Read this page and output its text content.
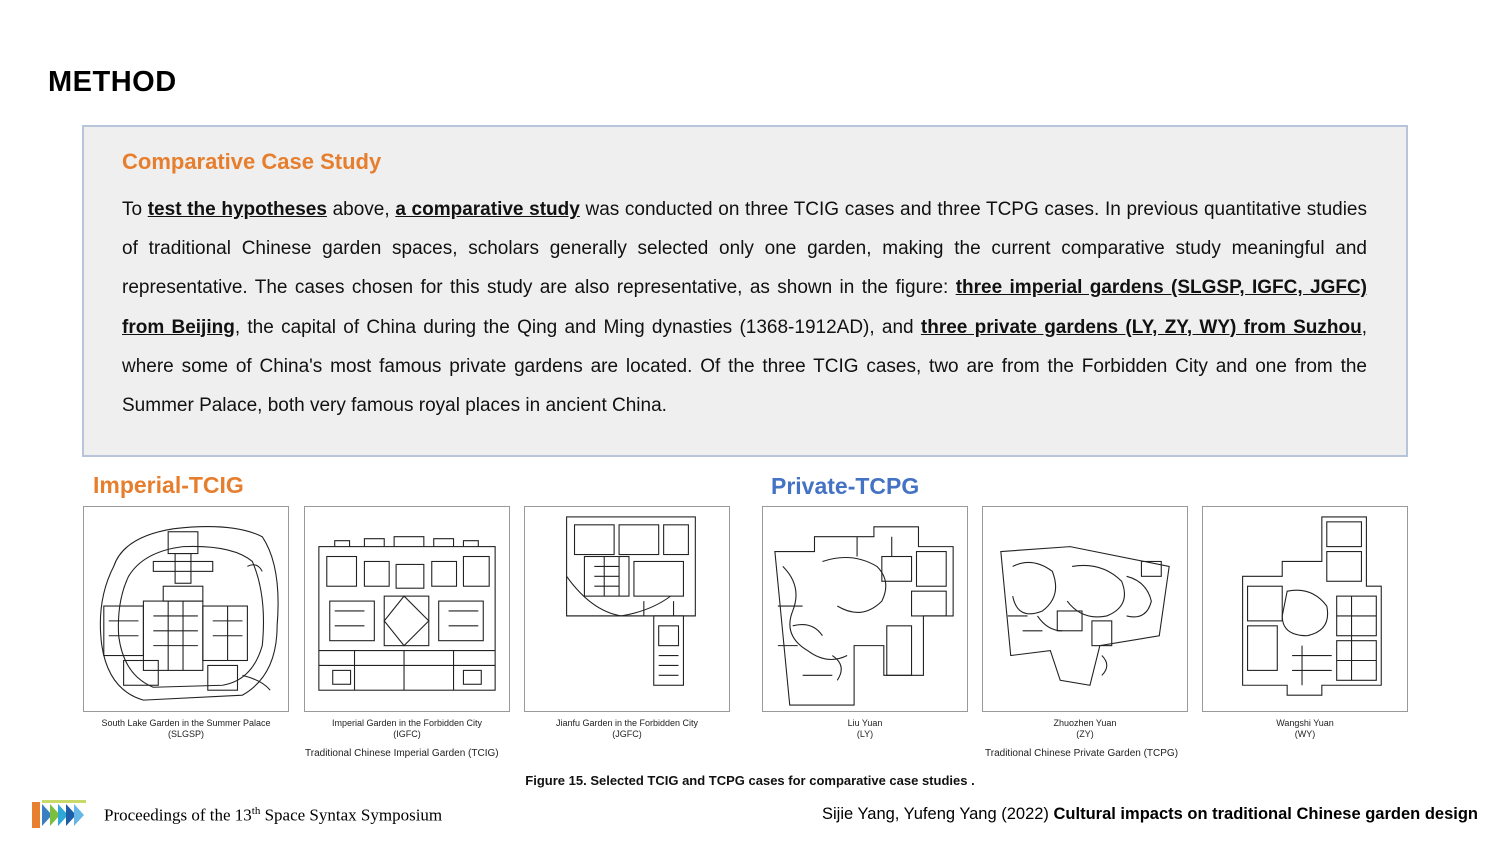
METHOD
Comparative Case Study

To test the hypotheses above, a comparative study was conducted on three TCIG cases and three TCPG cases. In previous quantitative studies of traditional Chinese garden spaces, scholars generally selected only one garden, making the current comparative study meaningful and representative. The cases chosen for this study are also representative, as shown in the figure: three imperial gardens (SLGSP, IGFC, JGFC) from Beijing, the capital of China during the Qing and Ming dynasties (1368-1912AD), and three private gardens (LY, ZY, WY) from Suzhou, where some of China's most famous private gardens are located. Of the three TCIG cases, two are from the Forbidden City and one from the Summer Palace, both very famous royal places in ancient China.

Imperial-TCIG	Private-TCPG
South Lake Garden in the Summer Palace
(SLGSP)
Imperial Garden in the Forbidden City
(IGFC)
Jianfu Garden in the Forbidden City
(JGFC)
Liu Yuan
(LY)
Zhuozhen Yuan
(ZY)
Wangshi Yuan
(WY)
Traditional Chinese Imperial Garden (TCIG)	Traditional Chinese Private Garden (TCPG)
Figure 15. Selected TCIG and TCPG cases for comparative case studies .
Proceedings of the 13th Space Syntax Symposium	Sijie Yang, Yufeng Yang (2022) Cultural impacts on traditional Chinese garden design
